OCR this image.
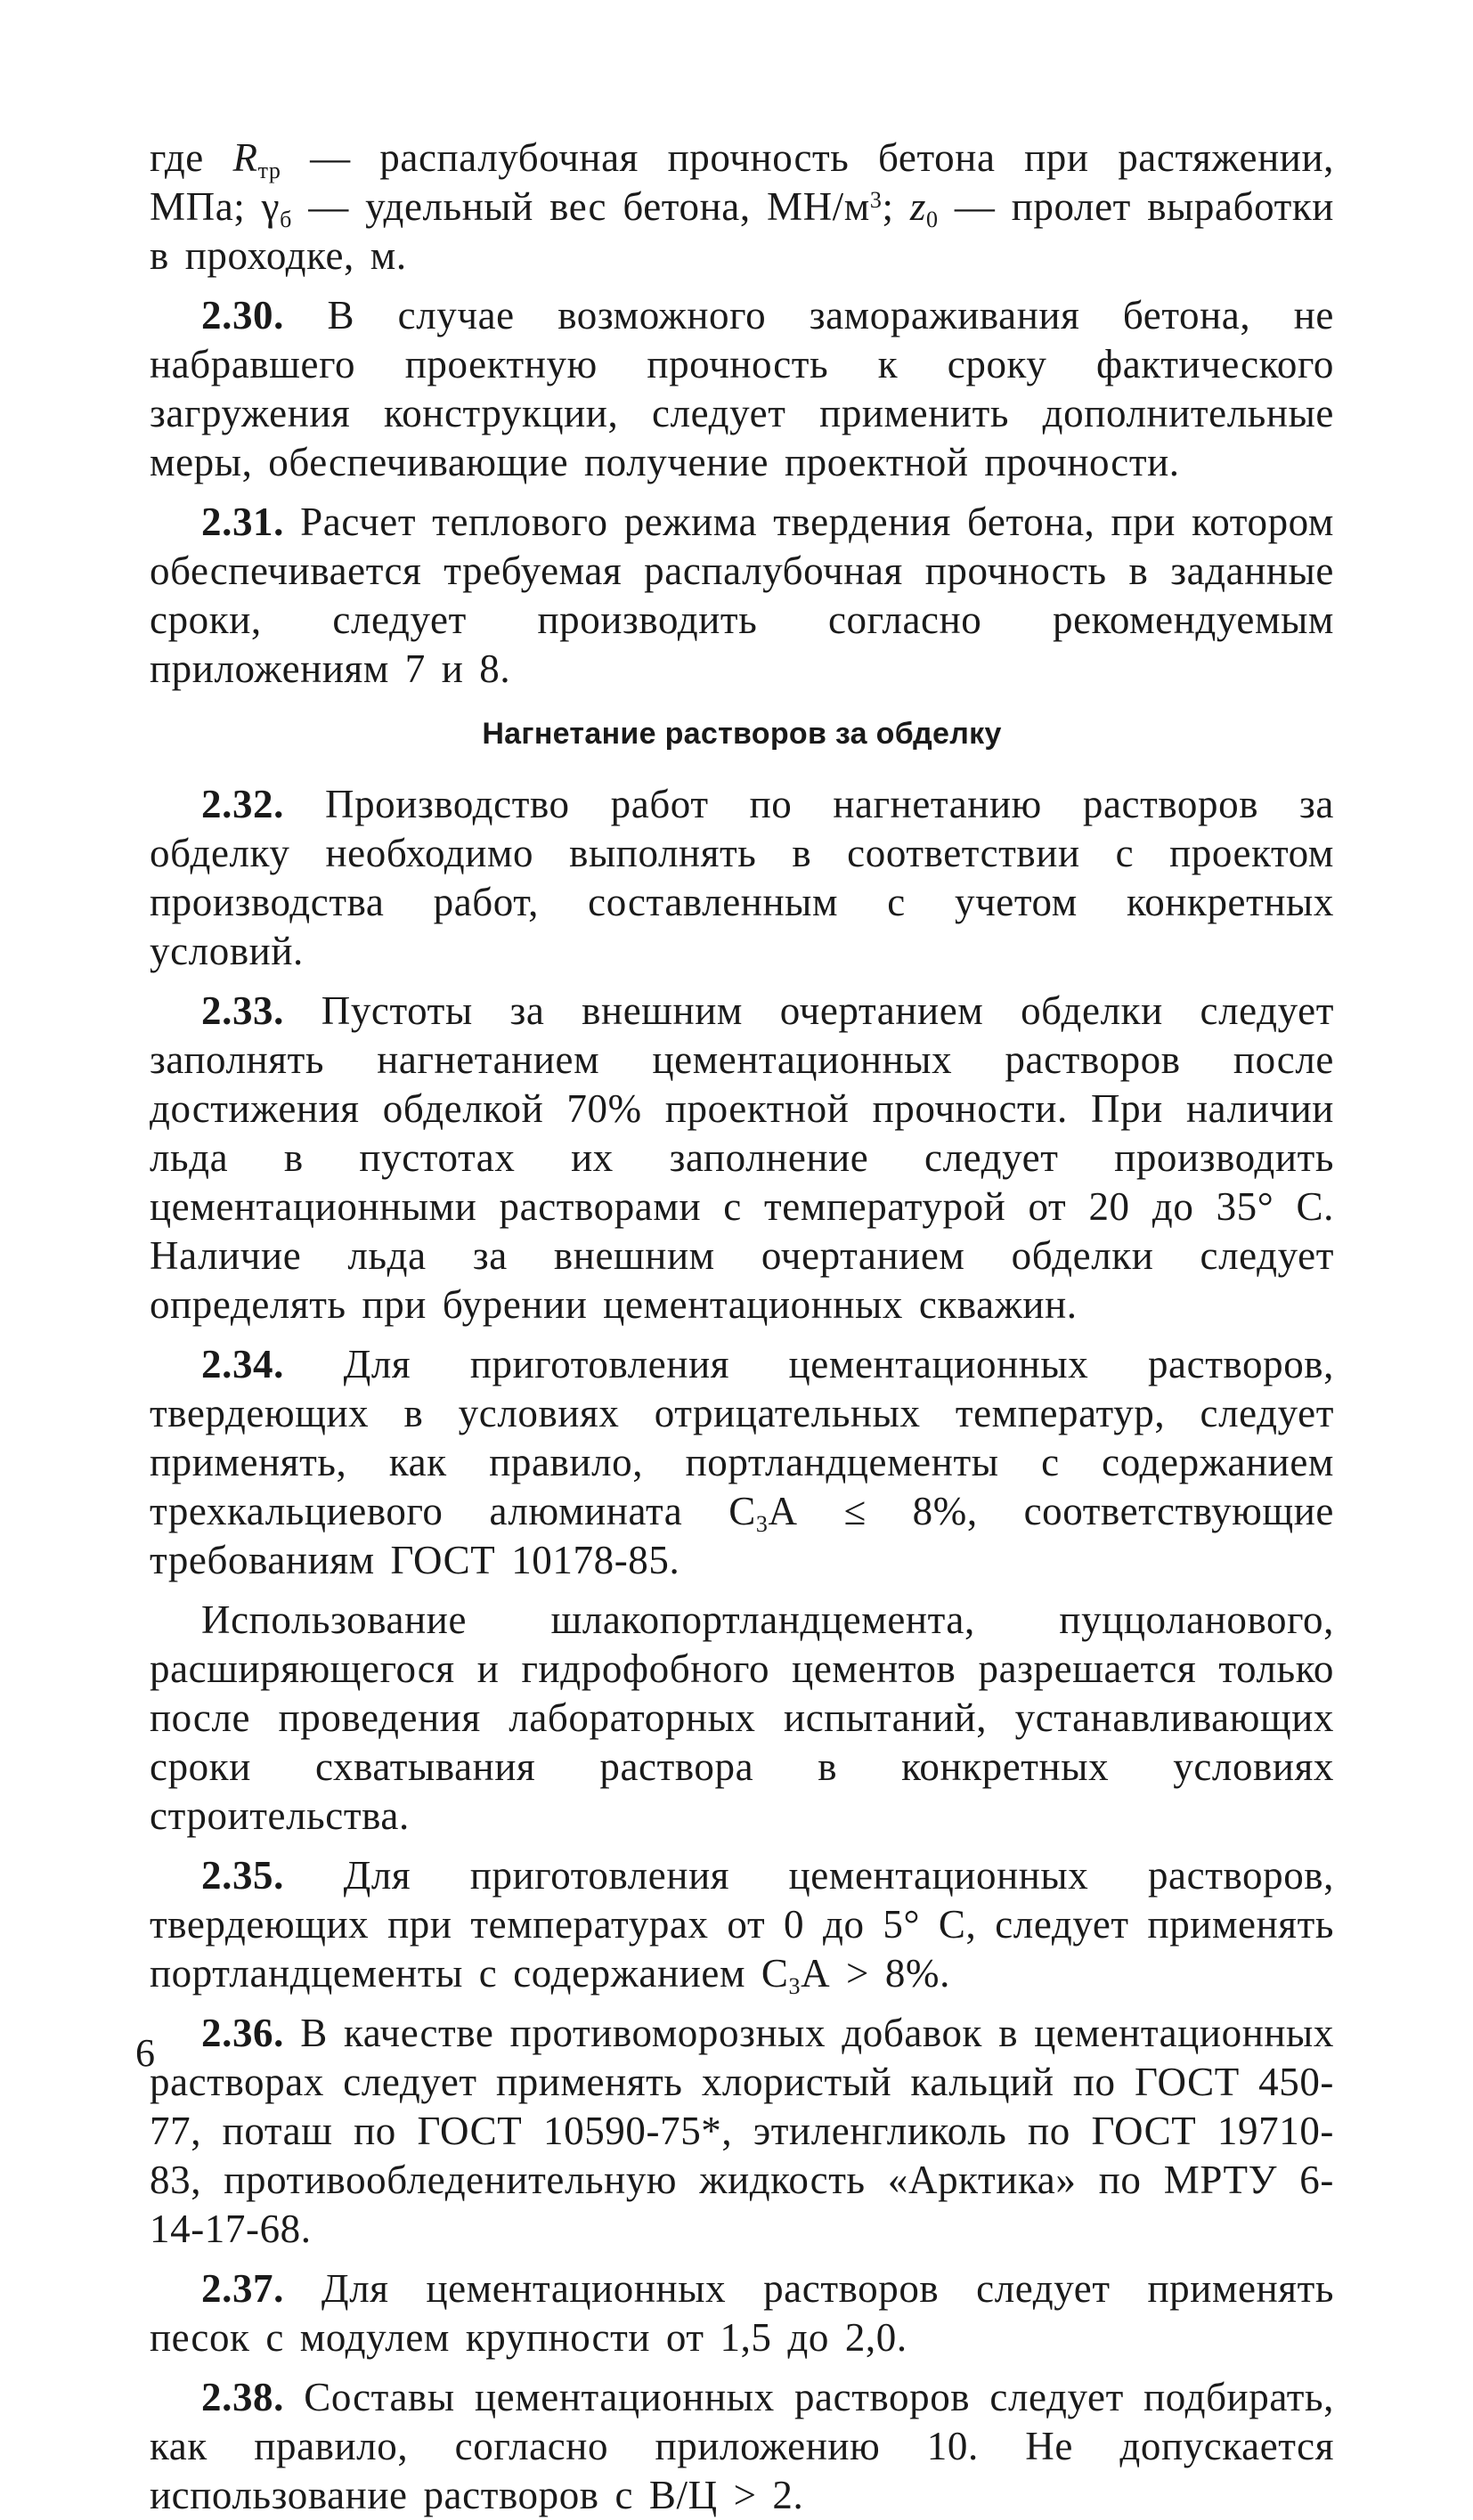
где $R_{тр}$ — распалубочная прочность бетона при растяжении, МПа; $\gamma_б$ — удельный вес бетона, $МН/м^3$; $z_0$ — пролет выработки в проходке, м.

2.30. В случае возможного замораживания бетона, не набравшего проектную прочность к сроку фактического загружения конструкции, следует применить дополнительные меры, обеспечивающие получение проектной прочности.

2.31. Расчет теплового режима твердения бетона, при котором обеспечивается требуемая распалубочная прочность в заданные сроки, следует производить согласно рекомендуемым приложениям 7 и 8.

Нагнетание растворов за обделку

2.32. Производство работ по нагнетанию растворов за обделку необходимо выполнять в соответствии с проектом производства работ, составленным с учетом конкретных условий.

2.33. Пустоты за внешним очертанием обделки следует заполнять нагнетанием цементационных растворов после достижения обделкой 70% проектной прочности. При наличии льда в пустотах их заполнение следует производить цементационными растворами с температурой от 20 до 35° С. Наличие льда за внешним очертанием обделки следует определять при бурении цементационных скважин.

2.34. Для приготовления цементационных растворов, твердеющих в условиях отрицательных температур, следует применять, как правило, портландцементы с содержанием трехкальциевого алюмината $С_3А \le 8\%$, соответствующие требованиям ГОСТ 10178-85.

Использование шлакопортландцемента, пуццоланового, расширяющегося и гидрофобного цементов разрешается только после проведения лабораторных испытаний, устанавливающих сроки схватывания раствора в конкретных условиях строительства.

2.35. Для приготовления цементационных растворов, твердеющих при температурах от 0 до 5° С, следует применять портландцементы с содержанием $С_3А > 8\%$.

2.36. В качестве противоморозных добавок в цементационных растворах следует применять хлористый кальций по ГОСТ 450-77, поташ по ГОСТ 10590-75*, этиленгликоль по ГОСТ 19710-83, противообледенительную жидкость «Арктика» по МРТУ 6-14-17-68.

2.37. Для цементационных растворов следует применять песок с модулем крупности от 1,5 до 2,0.

2.38. Составы цементационных растворов следует подбирать, как правило, согласно приложению 10. Не допускается использование растворов с В/Ц > 2.

6
